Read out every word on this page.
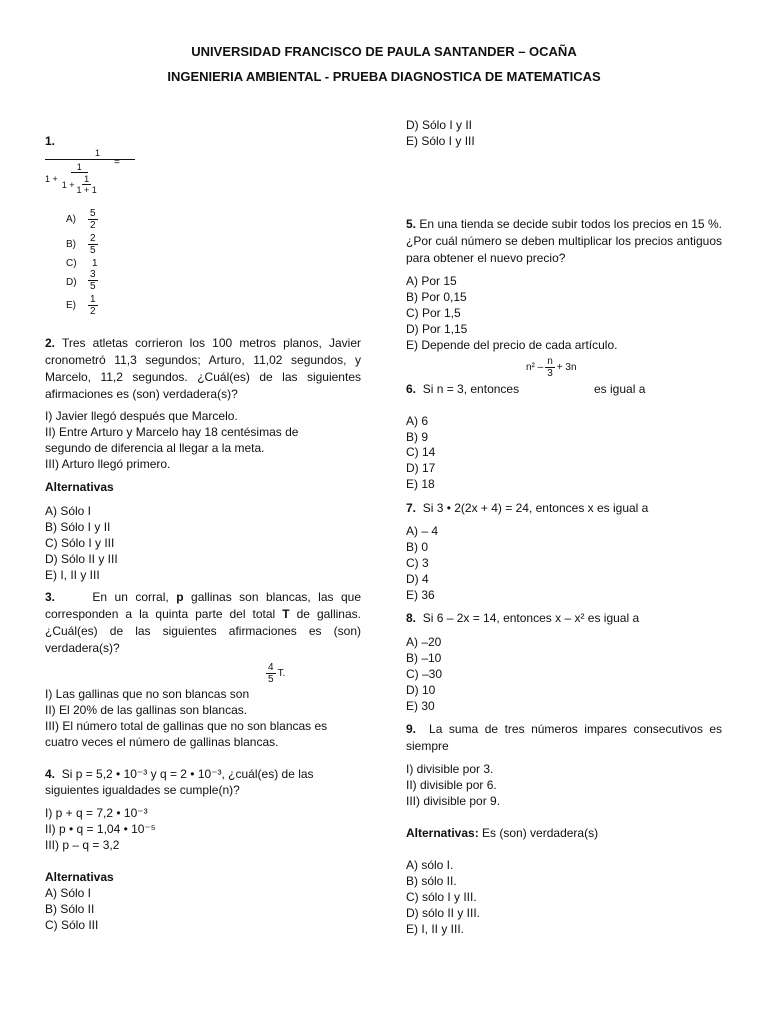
UNIVERSIDAD FRANCISCO DE PAULA SANTANDER – OCAÑA
INGENIERIA AMBIENTAL - PRUEBA DIAGNOSTICA DE MATEMATICAS
1.
1
$1 + \frac{1}{1 + \frac{1}{1 + 1}}$ =
$A) \frac{5}{2}$
$B) \frac{2}{5}$
C) 1
$D) \frac{3}{5}$
$E) \frac{1}{2}$
2. Tres atletas corrieron los 100 metros planos, Javier cronometró 11,3 segundos; Arturo, 11,02 segundos, y Marcelo, 11,2 segundos. ¿Cuál(es) de las siguientes afirmaciones es (son) verdadera(s)?
I) Javier llegó después que Marcelo.
II) Entre Arturo y Marcelo hay 18 centésimas de
segundo de diferencia al llegar a la meta.
III) Arturo llegó primero.
Alternativas
A) Sólo I
B) Sólo I y II
C) Sólo I y III
D) Sólo II y III
E) I, II y III
3.	En un corral, p gallinas son blancas, las que corresponden a la quinta parte del total T de gallinas. ¿Cuál(es) de las siguientes afirmaciones es (son) verdadera(s)?
$\frac{4}{5} T$.
I) Las gallinas que no son blancas son
II) El 20% de las gallinas son blancas.
III) El número total de gallinas que no son blancas es
cuatro veces el número de gallinas blancas.
4. Si p = 5,2 • 10⁻³ y q = 2 • 10⁻³, ¿cuál(es) de las
siguientes igualdades se cumple(n)?
I) p + q = 7,2 • 10⁻³
II) p • q = 1,04 • 10⁻⁵
III) p – q = 3,2
Alternativas
A) Sólo I
B) Sólo II
C) Sólo III
D) Sólo I y II
E) Sólo I y III
5. En una tienda se decide subir todos los precios en 15 %. ¿Por cuál número se deben multiplicar los precios antiguos para obtener el nuevo precio?
A) Por 15
B) Por 0,15
C) Por 1,5
D) Por 1,15
E) Depende del precio de cada artículo.
$n^2 - \frac{n}{3} + 3n$
6. Si n = 3, entonces	es igual a
A) 6
B) 9
C) 14
D) 17
E) 18
7. Si 3 • 2(2x + 4) = 24, entonces x es igual a
A) – 4
B) 0
C) 3
D) 4
E) 36
8. Si 6 – 2x = 14, entonces x – x² es igual a
A) –20
B) –10
C) –30
D) 10
E) 30
9. La suma de tres números impares consecutivos es siempre
I) divisible por 3.
II) divisible por 6.
III) divisible por 9.
Alternativas: Es (son) verdadera(s)
A) sólo I.
B) sólo II.
C) sólo I y III.
D) sólo II y III.
E) I, II y III.
